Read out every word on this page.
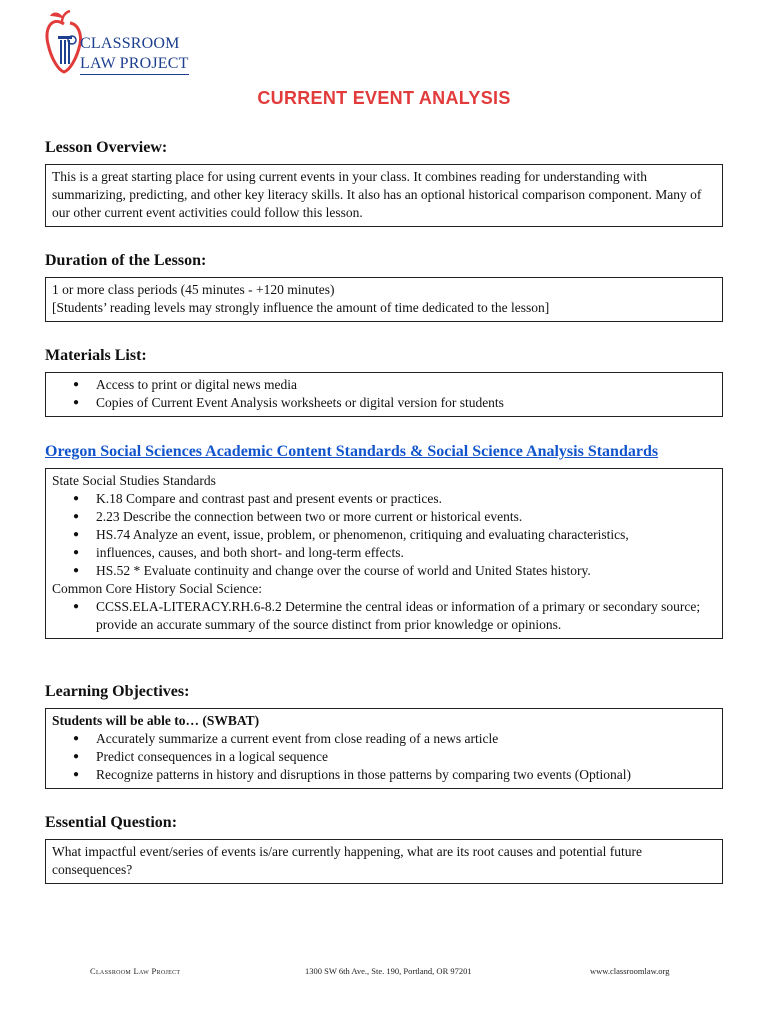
CLASSROOM
LAW PROJECT
CURRENT EVENT ANALYSIS
Lesson Overview:

This is a great starting place for using current events in your class. It combines reading for understanding with summarizing, predicting, and other key literacy skills. It also has an optional historical comparison component. Many of our other current event activities could follow this lesson.

Duration of the Lesson:

1 or more class periods (45 minutes - +120 minutes)

[Students’ reading levels may strongly influence the amount of time dedicated to the lesson]

Materials List:
● Access to print or digital news media
● Copies of Current Event Analysis worksheets or digital version for students
Oregon Social Sciences Academic Content Standards & Social Science Analysis Standards

State Social Studies Standards

● K.18 Compare and contrast past and present events or practices.
● 2.23 Describe the connection between two or more current or historical events.
● HS.74 Analyze an event, issue, problem, or phenomenon, critiquing and evaluating characteristics,
● influences, causes, and both short- and long-term effects.
● HS.52 * Evaluate continuity and change over the course of world and United States history.

Common Core History Social Science:

● CCSS.ELA-LITERACY.RH.6-8.2 Determine the central ideas or information of a primary or secondary source; provide an accurate summary of the source distinct from prior knowledge or opinions.
Learning Objectives:

Students will be able to… (SWBAT)

● Accurately summarize a current event from close reading of a news article
● Predict consequences in a logical sequence
● Recognize patterns in history and disruptions in those patterns by comparing two events (Optional)
Essential Question:

What impactful event/series of events is/are currently happening, what are its root causes and potential future consequences?

Classroom Law Project	1300 SW 6th Ave., Ste. 190, Portland, OR 97201	www.classroomlaw.org
